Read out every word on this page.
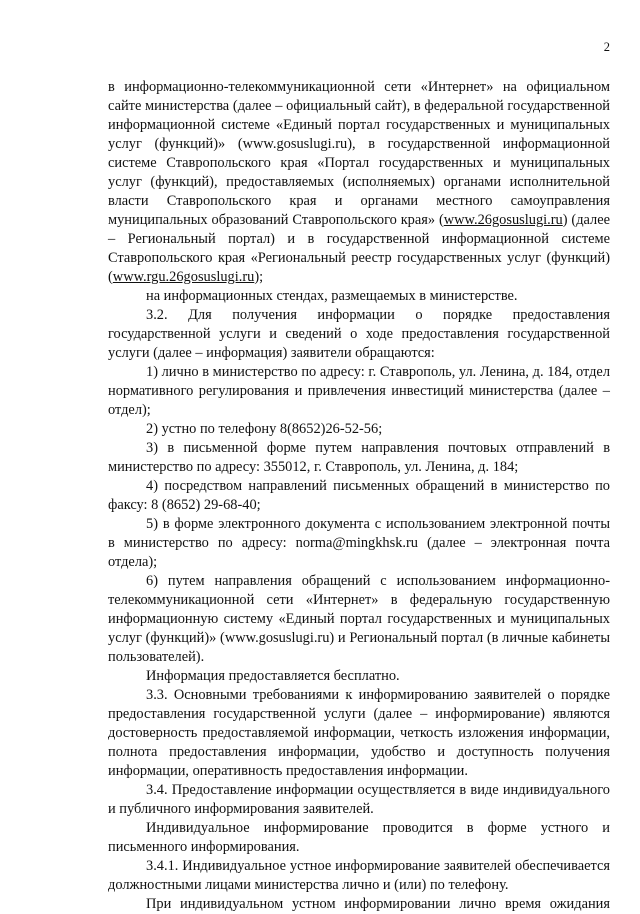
2

в информационно-телекоммуникационной сети «Интернет» на официальном сайте министерства (далее – официальный сайт), в федеральной государственной информационной системе «Единый портал государственных и муниципальных услуг (функций)» (www.gosuslugi.ru), в государственной информационной системе Ставропольского края «Портал государственных и муниципальных услуг (функций), предоставляемых (исполняемых) органами исполнительной власти Ставропольского края и органами местного самоуправления муниципальных образований Ставропольского края» (www.26gosuslugi.ru) (далее – Региональный портал) и в государственной информационной системе Ставропольского края «Региональный реестр государственных услуг (функций) (www.rgu.26gosuslugi.ru);

на информационных стендах, размещаемых в министерстве.

3.2. Для получения информации о порядке предоставления государственной услуги и сведений о ходе предоставления государственной услуги (далее – информация) заявители обращаются:

1) лично в министерство по адресу: г. Ставрополь, ул. Ленина, д. 184, отдел нормативного регулирования и привлечения инвестиций министерства (далее – отдел);

2) устно по телефону 8(8652)26-52-56;

3) в письменной форме путем направления почтовых отправлений в министерство по адресу: 355012, г. Ставрополь, ул. Ленина, д. 184;

4) посредством направлений письменных обращений в министерство по факсу: 8 (8652) 29-68-40;

5) в форме электронного документа с использованием электронной почты в министерство по адресу: norma@mingkhsk.ru (далее – электронная почта отдела);

6) путем направления обращений с использованием информационно-телекоммуникационной сети «Интернет» в федеральную государственную информационную систему «Единый портал государственных и муниципальных услуг (функций)» (www.gosuslugi.ru) и Региональный портал (в личные кабинеты пользователей).

Информация предоставляется бесплатно.

3.3. Основными требованиями к информированию заявителей о порядке предоставления государственной услуги (далее – информирование) являются достоверность предоставляемой информации, четкость изложения информации, полнота предоставления информации, удобство и доступность получения информации, оперативность предоставления информации.

3.4. Предоставление информации осуществляется в виде индивидуального и публичного информирования заявителей.

Индивидуальное информирование проводится в форме устного и письменного информирования.

3.4.1. Индивидуальное устное информирование заявителей обеспечивается должностными лицами министерства лично и (или) по телефону.

При индивидуальном устном информировании лично время ожидания
